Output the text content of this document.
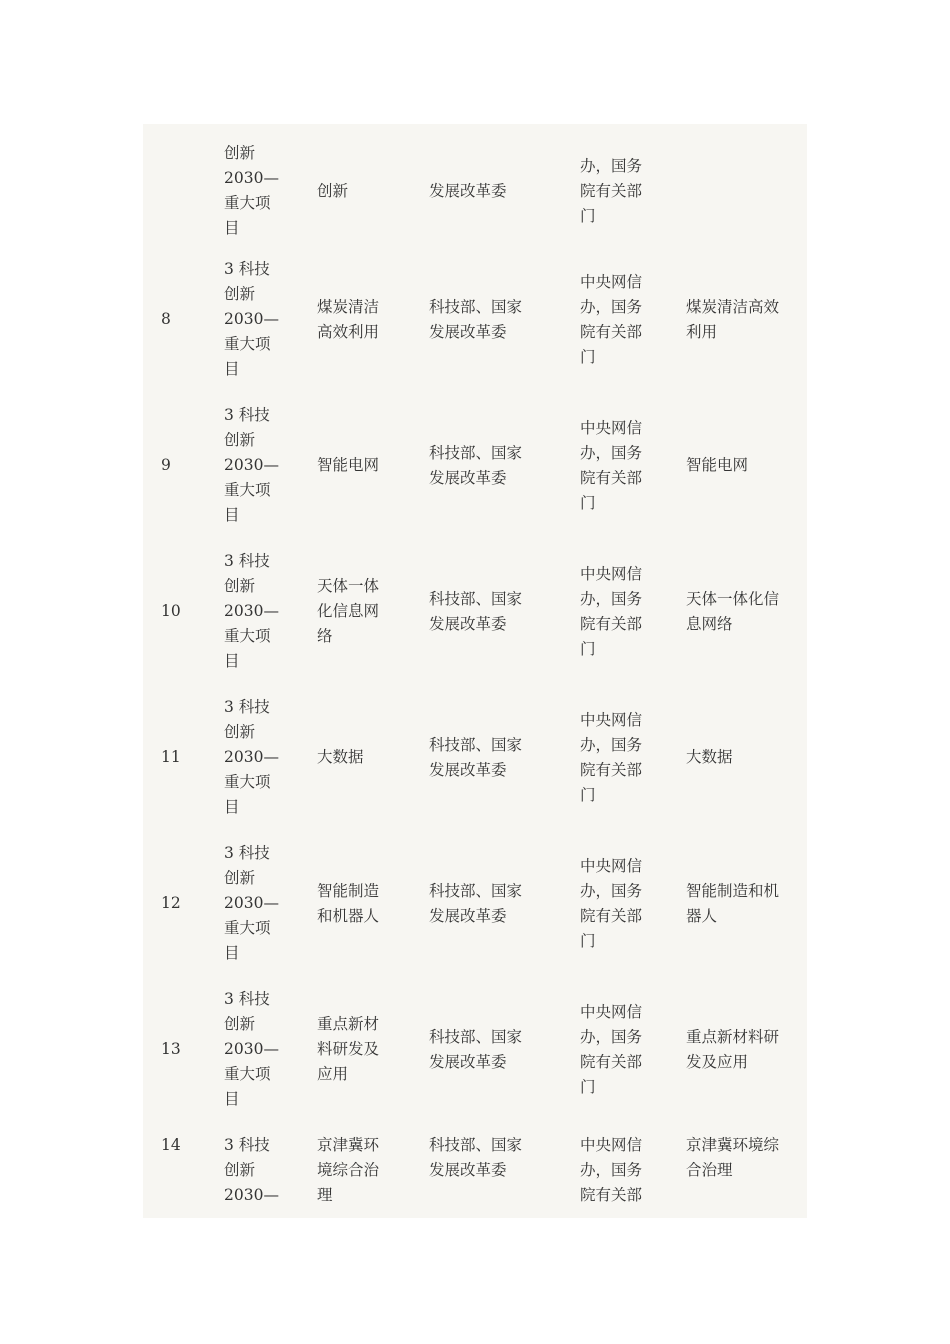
创新
2030—
重大项
目
创新	发展改革委
办，国务
院有关部
门
8
3 科技
创新
2030—
重大项
目
煤炭清洁
高效利用
科技部、国家
发展改革委
中央网信
办，国务
院有关部
门
煤炭清洁高效
利用
9
3 科技
创新
2030—
重大项
目
智能电网
科技部、国家
发展改革委
中央网信
办，国务
院有关部
门
智能电网
10
3 科技
创新
2030—
重大项
目
天体一体
化信息网
络
科技部、国家
发展改革委
中央网信
办，国务
院有关部
门
天体一体化信
息网络
11
3 科技
创新
2030—
重大项
目
大数据
科技部、国家
发展改革委
中央网信
办，国务
院有关部
门
大数据
12
3 科技
创新
2030—
重大项
目
智能制造
和机器人
科技部、国家
发展改革委
中央网信
办，国务
院有关部
门
智能制造和机
器人
13
3 科技
创新
2030—
重大项
目
重点新材
料研发及
应用
科技部、国家
发展改革委
中央网信
办，国务
院有关部
门
重点新材料研
发及应用
14	3 科技
创新
2030—
京津冀环
境综合治
理
科技部、国家
发展改革委
中央网信
办，国务
院有关部
京津冀环境综
合治理
